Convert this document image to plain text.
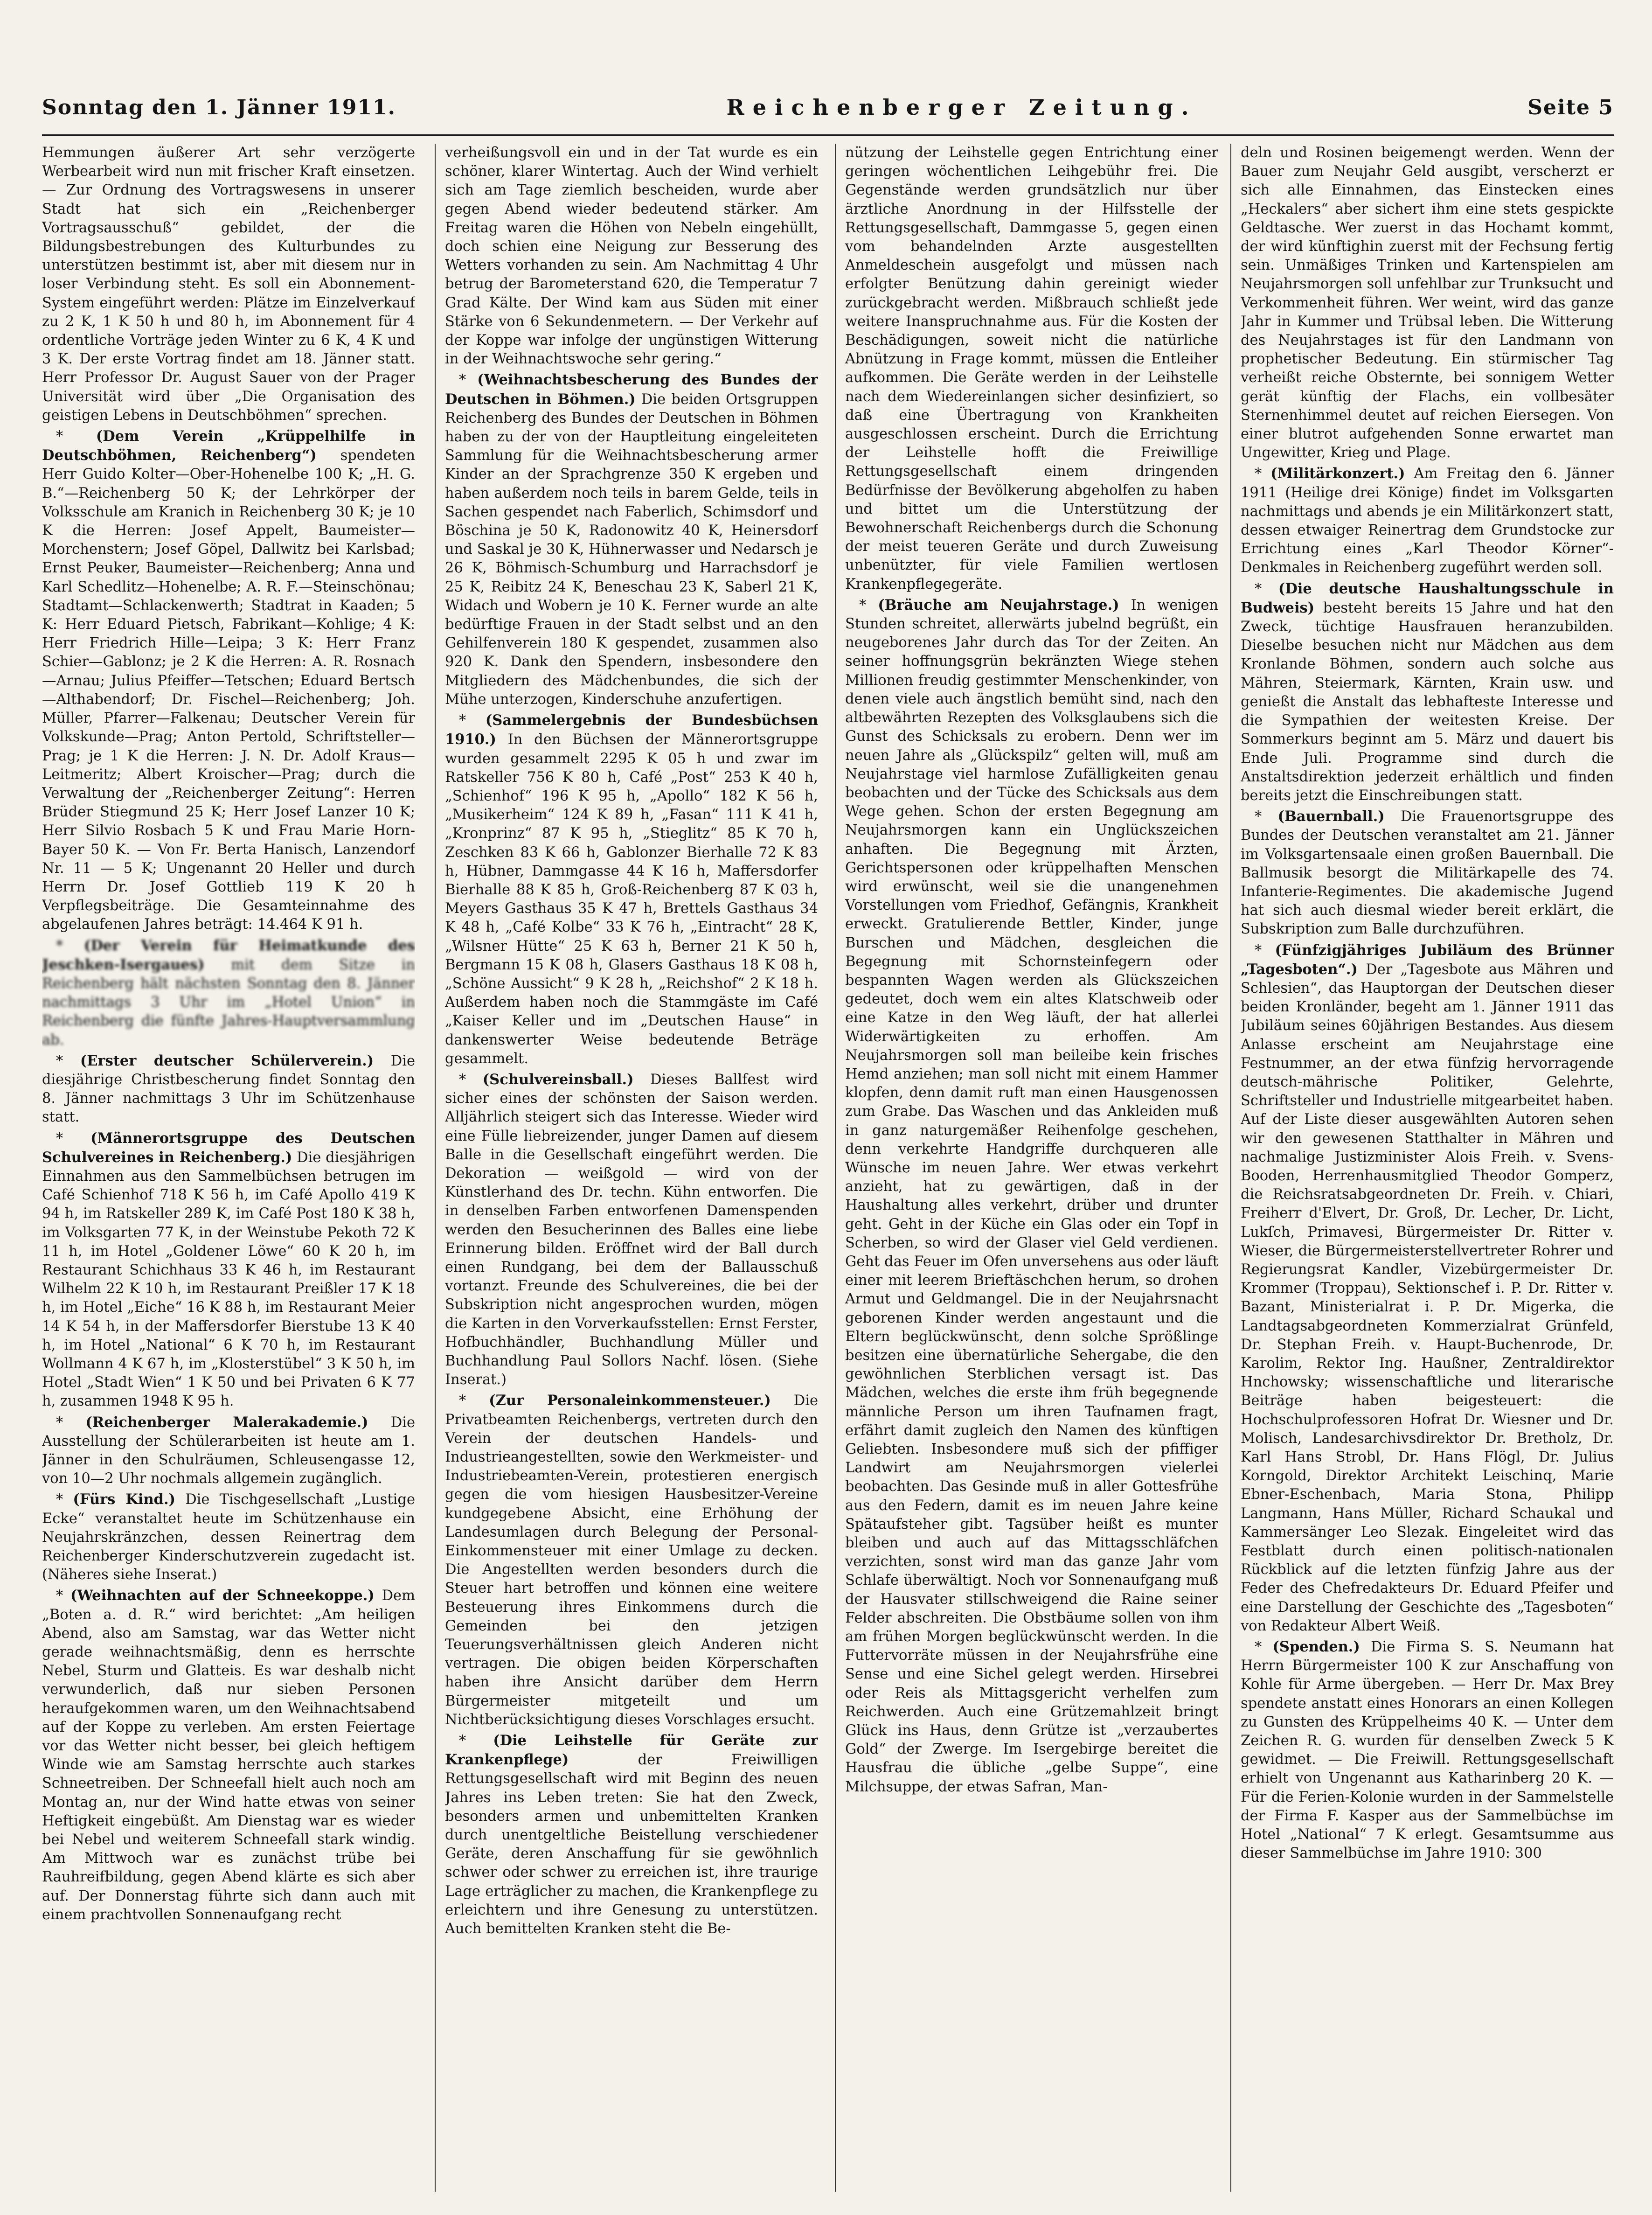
Sonntag den 1. Jänner 1911.	Reichenberger Zeitung.	Seite 5

Hemmungen äußerer Art sehr verzögerte Werbearbeit wird nun mit frischer Kraft einsetzen. — Zur Ordnung des Vortragswesens in unserer Stadt hat sich ein „Reichenberger Vortragsausschuß“ gebildet, der die Bildungsbestrebungen des Kulturbundes zu unterstützen bestimmt ist, aber mit diesem nur in loser Verbindung steht. Es soll ein Abonnement-System eingeführt werden: Plätze im Einzelverkauf zu 2 K, 1 K 50 h und 80 h, im Abonnement für 4 ordentliche Vorträge jeden Winter zu 6 K, 4 K und 3 K. Der erste Vortrag findet am 18. Jänner statt. Herr Professor Dr. August Sauer von der Prager Universität wird über „Die Organisation des geistigen Lebens in Deutschböhmen“ sprechen.

* (Dem Verein „Krüppelhilfe in Deutschböhmen, Reichenberg“) spendeten Herr Guido Kolter—Ober-Hohenelbe 100 K; „H. G. B.“—Reichenberg 50 K; der Lehrkörper der Volksschule am Kranich in Reichenberg 30 K; je 10 K die Herren: Josef Appelt, Baumeister—Morchenstern; Josef Göpel, Dallwitz bei Karlsbad; Ernst Peuker, Baumeister—Reichenberg; Anna und Karl Schedlitz—Hohenelbe; A. R. F.—Steinschönau; Stadtamt—Schlackenwerth; Stadtrat in Kaaden; 5 K: Herr Eduard Pietsch, Fabrikant—Kohlige; 4 K: Herr Friedrich Hille—Leipa; 3 K: Herr Franz Schier—Gablonz; je 2 K die Herren: A. R. Rosnach—Arnau; Julius Pfeiffer—Tetschen; Eduard Bertsch—Althabendorf; Dr. Fischel—Reichenberg; Joh. Müller, Pfarrer—Falkenau; Deutscher Verein für Volkskunde—Prag; Anton Pertold, Schriftsteller—Prag; je 1 K die Herren: J. N. Dr. Adolf Kraus—Leitmeritz; Albert Kroischer—Prag; durch die Verwaltung der „Reichenberger Zeitung“: Herren Brüder Stiegmund 25 K; Herr Josef Lanzer 10 K; Herr Silvio Rosbach 5 K und Frau Marie Horn-Bayer 50 K. — Von Fr. Berta Hanisch, Lanzendorf Nr. 11 — 5 K; Ungenannt 20 Heller und durch Herrn Dr. Josef Gottlieb 119 K 20 h Verpflegsbeiträge. Die Gesamteinnahme des abgelaufenen Jahres beträgt: 14.464 K 91 h.

* (Der Verein für Heimatkunde des Jeschken-Isergaues) mit dem Sitze in Reichenberg hält nächsten Sonntag den 8. Jänner nachmittags 3 Uhr im „Hotel Union“ in Reichenberg die fünfte Jahres-Hauptversammlung ab.

* (Erster deutscher Schülerverein.) Die diesjährige Christbescherung findet Sonntag den 8. Jänner nachmittags 3 Uhr im Schützenhause statt.

* (Männerortsgruppe des Deutschen Schulvereines in Reichenberg.) Die diesjährigen Einnahmen aus den Sammelbüchsen betrugen im Café Schienhof 718 K 56 h, im Café Apollo 419 K 94 h, im Ratskeller 289 K, im Café Post 180 K 38 h, im Volksgarten 77 K, in der Weinstube Pekoth 72 K 11 h, im Hotel „Goldener Löwe“ 60 K 20 h, im Restaurant Schichhaus 33 K 46 h, im Restaurant Wilhelm 22 K 10 h, im Restaurant Preißler 17 K 18 h, im Hotel „Eiche“ 16 K 88 h, im Restaurant Meier 14 K 54 h, in der Maffersdorfer Bierstube 13 K 40 h, im Hotel „National“ 6 K 70 h, im Restaurant Wollmann 4 K 67 h, im „Klosterstübel“ 3 K 50 h, im Hotel „Stadt Wien“ 1 K 50 und bei Privaten 6 K 77 h, zusammen 1948 K 95 h.

* (Reichenberger Malerakademie.) Die Ausstellung der Schülerarbeiten ist heute am 1. Jänner in den Schulräumen, Schleusengasse 12, von 10—2 Uhr nochmals allgemein zugänglich.

* (Fürs Kind.) Die Tischgesellschaft „Lustige Ecke“ veranstaltet heute im Schützenhause ein Neujahrskränzchen, dessen Reinertrag dem Reichenberger Kinderschutzverein zugedacht ist. (Näheres siehe Inserat.)

* (Weihnachten auf der Schneekoppe.) Dem „Boten a. d. R.“ wird berichtet: „Am heiligen Abend, also am Samstag, war das Wetter nicht gerade weihnachtsmäßig, denn es herrschte Nebel, Sturm und Glatteis. Es war deshalb nicht verwunderlich, daß nur sieben Personen heraufgekommen waren, um den Weihnachtsabend auf der Koppe zu verleben. Am ersten Feiertage vor das Wetter nicht besser, bei gleich heftigem Winde wie am Samstag herrschte auch starkes Schneetreiben. Der Schneefall hielt auch noch am Montag an, nur der Wind hatte etwas von seiner Heftigkeit eingebüßt. Am Dienstag war es wieder bei Nebel und weiterem Schneefall stark windig. Am Mittwoch war es zunächst trübe bei Rauhreifbildung, gegen Abend klärte es sich aber auf. Der Donnerstag führte sich dann auch mit einem prachtvollen Sonnenaufgang recht

verheißungsvoll ein und in der Tat wurde es ein schöner, klarer Wintertag. Auch der Wind verhielt sich am Tage ziemlich bescheiden, wurde aber gegen Abend wieder bedeutend stärker. Am Freitag waren die Höhen von Nebeln eingehüllt, doch schien eine Neigung zur Besserung des Wetters vorhanden zu sein. Am Nachmittag 4 Uhr betrug der Barometerstand 620, die Temperatur 7 Grad Kälte. Der Wind kam aus Süden mit einer Stärke von 6 Sekundenmetern. — Der Verkehr auf der Koppe war infolge der ungünstigen Witterung in der Weihnachtswoche sehr gering.“

* (Weihnachtsbescherung des Bundes der Deutschen in Böhmen.) Die beiden Ortsgruppen Reichenberg des Bundes der Deutschen in Böhmen haben zu der von der Hauptleitung eingeleiteten Sammlung für die Weihnachtsbescherung armer Kinder an der Sprachgrenze 350 K ergeben und haben außerdem noch teils in barem Gelde, teils in Sachen gespendet nach Faberlich, Schimsdorf und Böschina je 50 K, Radonowitz 40 K, Heinersdorf und Saskal je 30 K, Hühnerwasser und Nedarsch je 26 K, Böhmisch-Schumburg und Harrachsdorf je 25 K, Reibitz 24 K, Beneschau 23 K, Saberl 21 K, Widach und Wobern je 10 K. Ferner wurde an alte bedürftige Frauen in der Stadt selbst und an den Gehilfenverein 180 K gespendet, zusammen also 920 K. Dank den Spendern, insbesondere den Mitgliedern des Mädchenbundes, die sich der Mühe unterzogen, Kinderschuhe anzufertigen.

* (Sammelergebnis der Bundesbüchsen 1910.) In den Büchsen der Männerortsgruppe wurden gesammelt 2295 K 05 h und zwar im Ratskeller 756 K 80 h, Café „Post“ 253 K 40 h, „Schienhof“ 196 K 95 h, „Apollo“ 182 K 56 h, „Musikerheim“ 124 K 89 h, „Fasan“ 111 K 41 h, „Kronprinz“ 87 K 95 h, „Stieglitz“ 85 K 70 h, Zeschken 83 K 66 h, Gablonzer Bierhalle 72 K 83 h, Hübner, Dammgasse 44 K 16 h, Maffersdorfer Bierhalle 88 K 85 h, Groß-Reichenberg 87 K 03 h, Meyers Gasthaus 35 K 47 h, Brettels Gasthaus 34 K 48 h, „Café Kolbe“ 33 K 76 h, „Eintracht“ 28 K, „Wilsner Hütte“ 25 K 63 h, Berner 21 K 50 h, Bergmann 15 K 08 h, Glasers Gasthaus 18 K 08 h, „Schöne Aussicht“ 9 K 28 h, „Reichshof“ 2 K 18 h. Außerdem haben noch die Stammgäste im Café „Kaiser Keller und im „Deutschen Hause“ in dankenswerter Weise bedeutende Beträge gesammelt.

* (Schulvereinsball.) Dieses Ballfest wird sicher eines der schönsten der Saison werden. Alljährlich steigert sich das Interesse. Wieder wird eine Fülle liebreizender, junger Damen auf diesem Balle in die Gesellschaft eingeführt werden. Die Dekoration — weißgold — wird von der Künstlerhand des Dr. techn. Kühn entworfen. Die in denselben Farben entworfenen Damenspenden werden den Besucherinnen des Balles eine liebe Erinnerung bilden. Eröffnet wird der Ball durch einen Rundgang, bei dem der Ballausschuß vortanzt. Freunde des Schulvereines, die bei der Subskription nicht angesprochen wurden, mögen die Karten in den Vorverkaufsstellen: Ernst Ferster, Hofbuchhändler, Buchhandlung Müller und Buchhandlung Paul Sollors Nachf. lösen. (Siehe Inserat.)

* (Zur Personaleinkommensteuer.) Die Privatbeamten Reichenbergs, vertreten durch den Verein der deutschen Handels- und Industrieangestellten, sowie den Werkmeister- und Industriebeamten-Verein, protestieren energisch gegen die vom hiesigen Hausbesitzer-Vereine kundgegebene Absicht, eine Erhöhung der Landesumlagen durch Belegung der Personal-Einkommensteuer mit einer Umlage zu decken. Die Angestellten werden besonders durch die Steuer hart betroffen und können eine weitere Besteuerung ihres Einkommens durch die Gemeinden bei den jetzigen Teuerungsverhältnissen gleich Anderen nicht vertragen. Die obigen beiden Körperschaften haben ihre Ansicht darüber dem Herrn Bürgermeister mitgeteilt und um Nichtberücksichtigung dieses Vorschlages ersucht.

* (Die Leihstelle für Geräte zur Krankenpflege) der Freiwilligen Rettungsgesellschaft wird mit Beginn des neuen Jahres ins Leben treten: Sie hat den Zweck, besonders armen und unbemittelten Kranken durch unentgeltliche Beistellung verschiedener Geräte, deren Anschaffung für sie gewöhnlich schwer oder schwer zu erreichen ist, ihre traurige Lage erträglicher zu machen, die Krankenpflege zu erleichtern und ihre Genesung zu unterstützen. Auch bemittelten Kranken steht die Be-

nützung der Leihstelle gegen Entrichtung einer geringen wöchentlichen Leihgebühr frei. Die Gegenstände werden grundsätzlich nur über ärztliche Anordnung in der Hilfsstelle der Rettungsgesellschaft, Dammgasse 5, gegen einen vom behandelnden Arzte ausgestellten Anmeldeschein ausgefolgt und müssen nach erfolgter Benützung dahin gereinigt wieder zurückgebracht werden. Mißbrauch schließt jede weitere Inanspruchnahme aus. Für die Kosten der Beschädigungen, soweit nicht die natürliche Abnützung in Frage kommt, müssen die Entleiher aufkommen. Die Geräte werden in der Leihstelle nach dem Wiedereinlangen sicher desinfiziert, so daß eine Übertragung von Krankheiten ausgeschlossen erscheint. Durch die Errichtung der Leihstelle hofft die Freiwillige Rettungsgesellschaft einem dringenden Bedürfnisse der Bevölkerung abgeholfen zu haben und bittet um die Unterstützung der Bewohnerschaft Reichenbergs durch die Schonung der meist teueren Geräte und durch Zuweisung unbenützter, für viele Familien wertlosen Krankenpflegegeräte.

* (Bräuche am Neujahrstage.) In wenigen Stunden schreitet, allerwärts jubelnd begrüßt, ein neugeborenes Jahr durch das Tor der Zeiten. An seiner hoffnungsgrün bekränzten Wiege stehen Millionen freudig gestimmter Menschenkinder, von denen viele auch ängstlich bemüht sind, nach den altbewährten Rezepten des Volksglaubens sich die Gunst des Schicksals zu erobern. Denn wer im neuen Jahre als „Glückspilz“ gelten will, muß am Neujahrstage viel harmlose Zufälligkeiten genau beobachten und der Tücke des Schicksals aus dem Wege gehen. Schon der ersten Begegnung am Neujahrsmorgen kann ein Unglückszeichen anhaften. Die Begegnung mit Ärzten, Gerichtspersonen oder krüppelhaften Menschen wird erwünscht, weil sie die unangenehmen Vorstellungen vom Friedhof, Gefängnis, Krankheit erweckt. Gratulierende Bettler, Kinder, junge Burschen und Mädchen, desgleichen die Begegnung mit Schornsteinfegern oder bespannten Wagen werden als Glückszeichen gedeutet, doch wem ein altes Klatschweib oder eine Katze in den Weg läuft, der hat allerlei Widerwärtigkeiten zu erhoffen. Am Neujahrsmorgen soll man beileibe kein frisches Hemd anziehen; man soll nicht mit einem Hammer klopfen, denn damit ruft man einen Hausgenossen zum Grabe. Das Waschen und das Ankleiden muß in ganz naturgemäßer Reihenfolge geschehen, denn verkehrte Handgriffe durchqueren alle Wünsche im neuen Jahre. Wer etwas verkehrt anzieht, hat zu gewärtigen, daß in der Haushaltung alles verkehrt, drüber und drunter geht. Geht in der Küche ein Glas oder ein Topf in Scherben, so wird der Glaser viel Geld verdienen. Geht das Feuer im Ofen unversehens aus oder läuft einer mit leerem Brieftäschchen herum, so drohen Armut und Geldmangel. Die in der Neujahrsnacht geborenen Kinder werden angestaunt und die Eltern beglückwünscht, denn solche Sprößlinge besitzen eine übernatürliche Sehergabe, die den gewöhnlichen Sterblichen versagt ist. Das Mädchen, welches die erste ihm früh begegnende männliche Person um ihren Taufnamen fragt, erfährt damit zugleich den Namen des künftigen Geliebten. Insbesondere muß sich der pfiffiger Landwirt am Neujahrsmorgen vielerlei beobachten. Das Gesinde muß in aller Gottesfrühe aus den Federn, damit es im neuen Jahre keine Spätaufsteher gibt. Tagsüber heißt es munter bleiben und auch auf das Mittagsschläfchen verzichten, sonst wird man das ganze Jahr vom Schlafe überwältigt. Noch vor Sonnenaufgang muß der Hausvater stillschweigend die Raine seiner Felder abschreiten. Die Obstbäume sollen von ihm am frühen Morgen beglückwünscht werden. In die Futtervorräte müssen in der Neujahrsfrühe eine Sense und eine Sichel gelegt werden. Hirsebrei oder Reis als Mittagsgericht verhelfen zum Reichwerden. Auch eine Grützemahlzeit bringt Glück ins Haus, denn Grütze ist „verzaubertes Gold“ der Zwerge. Im Isergebirge bereitet die Hausfrau die übliche „gelbe Suppe“, eine Milchsuppe, der etwas Safran, Man-

deln und Rosinen beigemengt werden. Wenn der Bauer zum Neujahr Geld ausgibt, verscherzt er sich alle Einnahmen, das Einstecken eines „Heckalers“ aber sichert ihm eine stets gespickte Geldtasche. Wer zuerst in das Hochamt kommt, der wird künftighin zuerst mit der Fechsung fertig sein. Unmäßiges Trinken und Kartenspielen am Neujahrsmorgen soll unfehlbar zur Trunksucht und Verkommenheit führen. Wer weint, wird das ganze Jahr in Kummer und Trübsal leben. Die Witterung des Neujahrstages ist für den Landmann von prophetischer Bedeutung. Ein stürmischer Tag verheißt reiche Obsternte, bei sonnigem Wetter gerät künftig der Flachs, ein vollbesäter Sternenhimmel deutet auf reichen Eiersegen. Von einer blutrot aufgehenden Sonne erwartet man Ungewitter, Krieg und Plage.

* (Militärkonzert.) Am Freitag den 6. Jänner 1911 (Heilige drei Könige) findet im Volksgarten nachmittags und abends je ein Militärkonzert statt, dessen etwaiger Reinertrag dem Grundstocke zur Errichtung eines „Karl Theodor Körner“-Denkmales in Reichenberg zugeführt werden soll.

* (Die deutsche Haushaltungsschule in Budweis) besteht bereits 15 Jahre und hat den Zweck, tüchtige Hausfrauen heranzubilden. Dieselbe besuchen nicht nur Mädchen aus dem Kronlande Böhmen, sondern auch solche aus Mähren, Steiermark, Kärnten, Krain usw. und genießt die Anstalt das lebhafteste Interesse und die Sympathien der weitesten Kreise. Der Sommerkurs beginnt am 5. März und dauert bis Ende Juli. Programme sind durch die Anstaltsdirektion jederzeit erhältlich und finden bereits jetzt die Einschreibungen statt.

* (Bauernball.) Die Frauenortsgruppe des Bundes der Deutschen veranstaltet am 21. Jänner im Volksgartensaale einen großen Bauernball. Die Ballmusik besorgt die Militärkapelle des 74. Infanterie-Regimentes. Die akademische Jugend hat sich auch diesmal wieder bereit erklärt, die Subskription zum Balle durchzuführen.

* (Fünfzigjähriges Jubiläum des Brünner „Tagesboten“.) Der „Tagesbote aus Mähren und Schlesien“, das Hauptorgan der Deutschen dieser beiden Kronländer, begeht am 1. Jänner 1911 das Jubiläum seines 60jährigen Bestandes. Aus diesem Anlasse erscheint am Neujahrstage eine Festnummer, an der etwa fünfzig hervorragende deutsch-mährische Politiker, Gelehrte, Schriftsteller und Industrielle mitgearbeitet haben. Auf der Liste dieser ausgewählten Autoren sehen wir den gewesenen Statthalter in Mähren und nachmalige Justizminister Alois Freih. v. Svens-Booden, Herrenhausmitglied Theodor Gomperz, die Reichsratsabgeordneten Dr. Freih. v. Chiari, Freiherr d'Elvert, Dr. Groß, Dr. Lecher, Dr. Licht, Lukſch, Primavesi, Bürgermeister Dr. Ritter v. Wieser, die Bürgermeisterstellvertreter Rohrer und Regierungsrat Kandler, Vizebürgermeister Dr. Krommer (Troppau), Sektionschef i. P. Dr. Ritter v. Bazant, Ministerialrat i. P. Dr. Migerka, die Landtagsabgeordneten Kommerzialrat Grünfeld, Dr. Stephan Freih. v. Haupt-Buchenrode, Dr. Karolim, Rektor Ing. Haußner, Zentraldirektor Hnchowsky; wissenschaftliche und literarische Beiträge haben beigesteuert: die Hochschulprofessoren Hofrat Dr. Wiesner und Dr. Molisch, Landesarchivsdirektor Dr. Bretholz, Dr. Karl Hans Strobl, Dr. Hans Flögl, Dr. Julius Korngold, Direktor Architekt Leischinq, Marie Ebner-Eschenbach, Maria Stona, Philipp Langmann, Hans Müller, Richard Schaukal und Kammersänger Leo Slezak. Eingeleitet wird das Festblatt durch einen politisch-nationalen Rückblick auf die letzten fünfzig Jahre aus der Feder des Chefredakteurs Dr. Eduard Pfeifer und eine Darstellung der Geschichte des „Tagesboten“ von Redakteur Albert Weiß.

* (Spenden.) Die Firma S. S. Neumann hat Herrn Bürgermeister 100 K zur Anschaffung von Kohle für Arme übergeben. — Herr Dr. Max Brey spendete anstatt eines Honorars an einen Kollegen zu Gunsten des Krüppelheims 40 K. — Unter dem Zeichen R. G. wurden für denselben Zweck 5 K gewidmet. — Die Freiwill. Rettungsgesellschaft erhielt von Ungenannt aus Katharinberg 20 K. — Für die Ferien-Kolonie wurden in der Sammelstelle der Firma F. Kasper aus der Sammelbüchse im Hotel „National“ 7 K erlegt. Gesamtsumme aus dieser Sammelbüchse im Jahre 1910: 300
